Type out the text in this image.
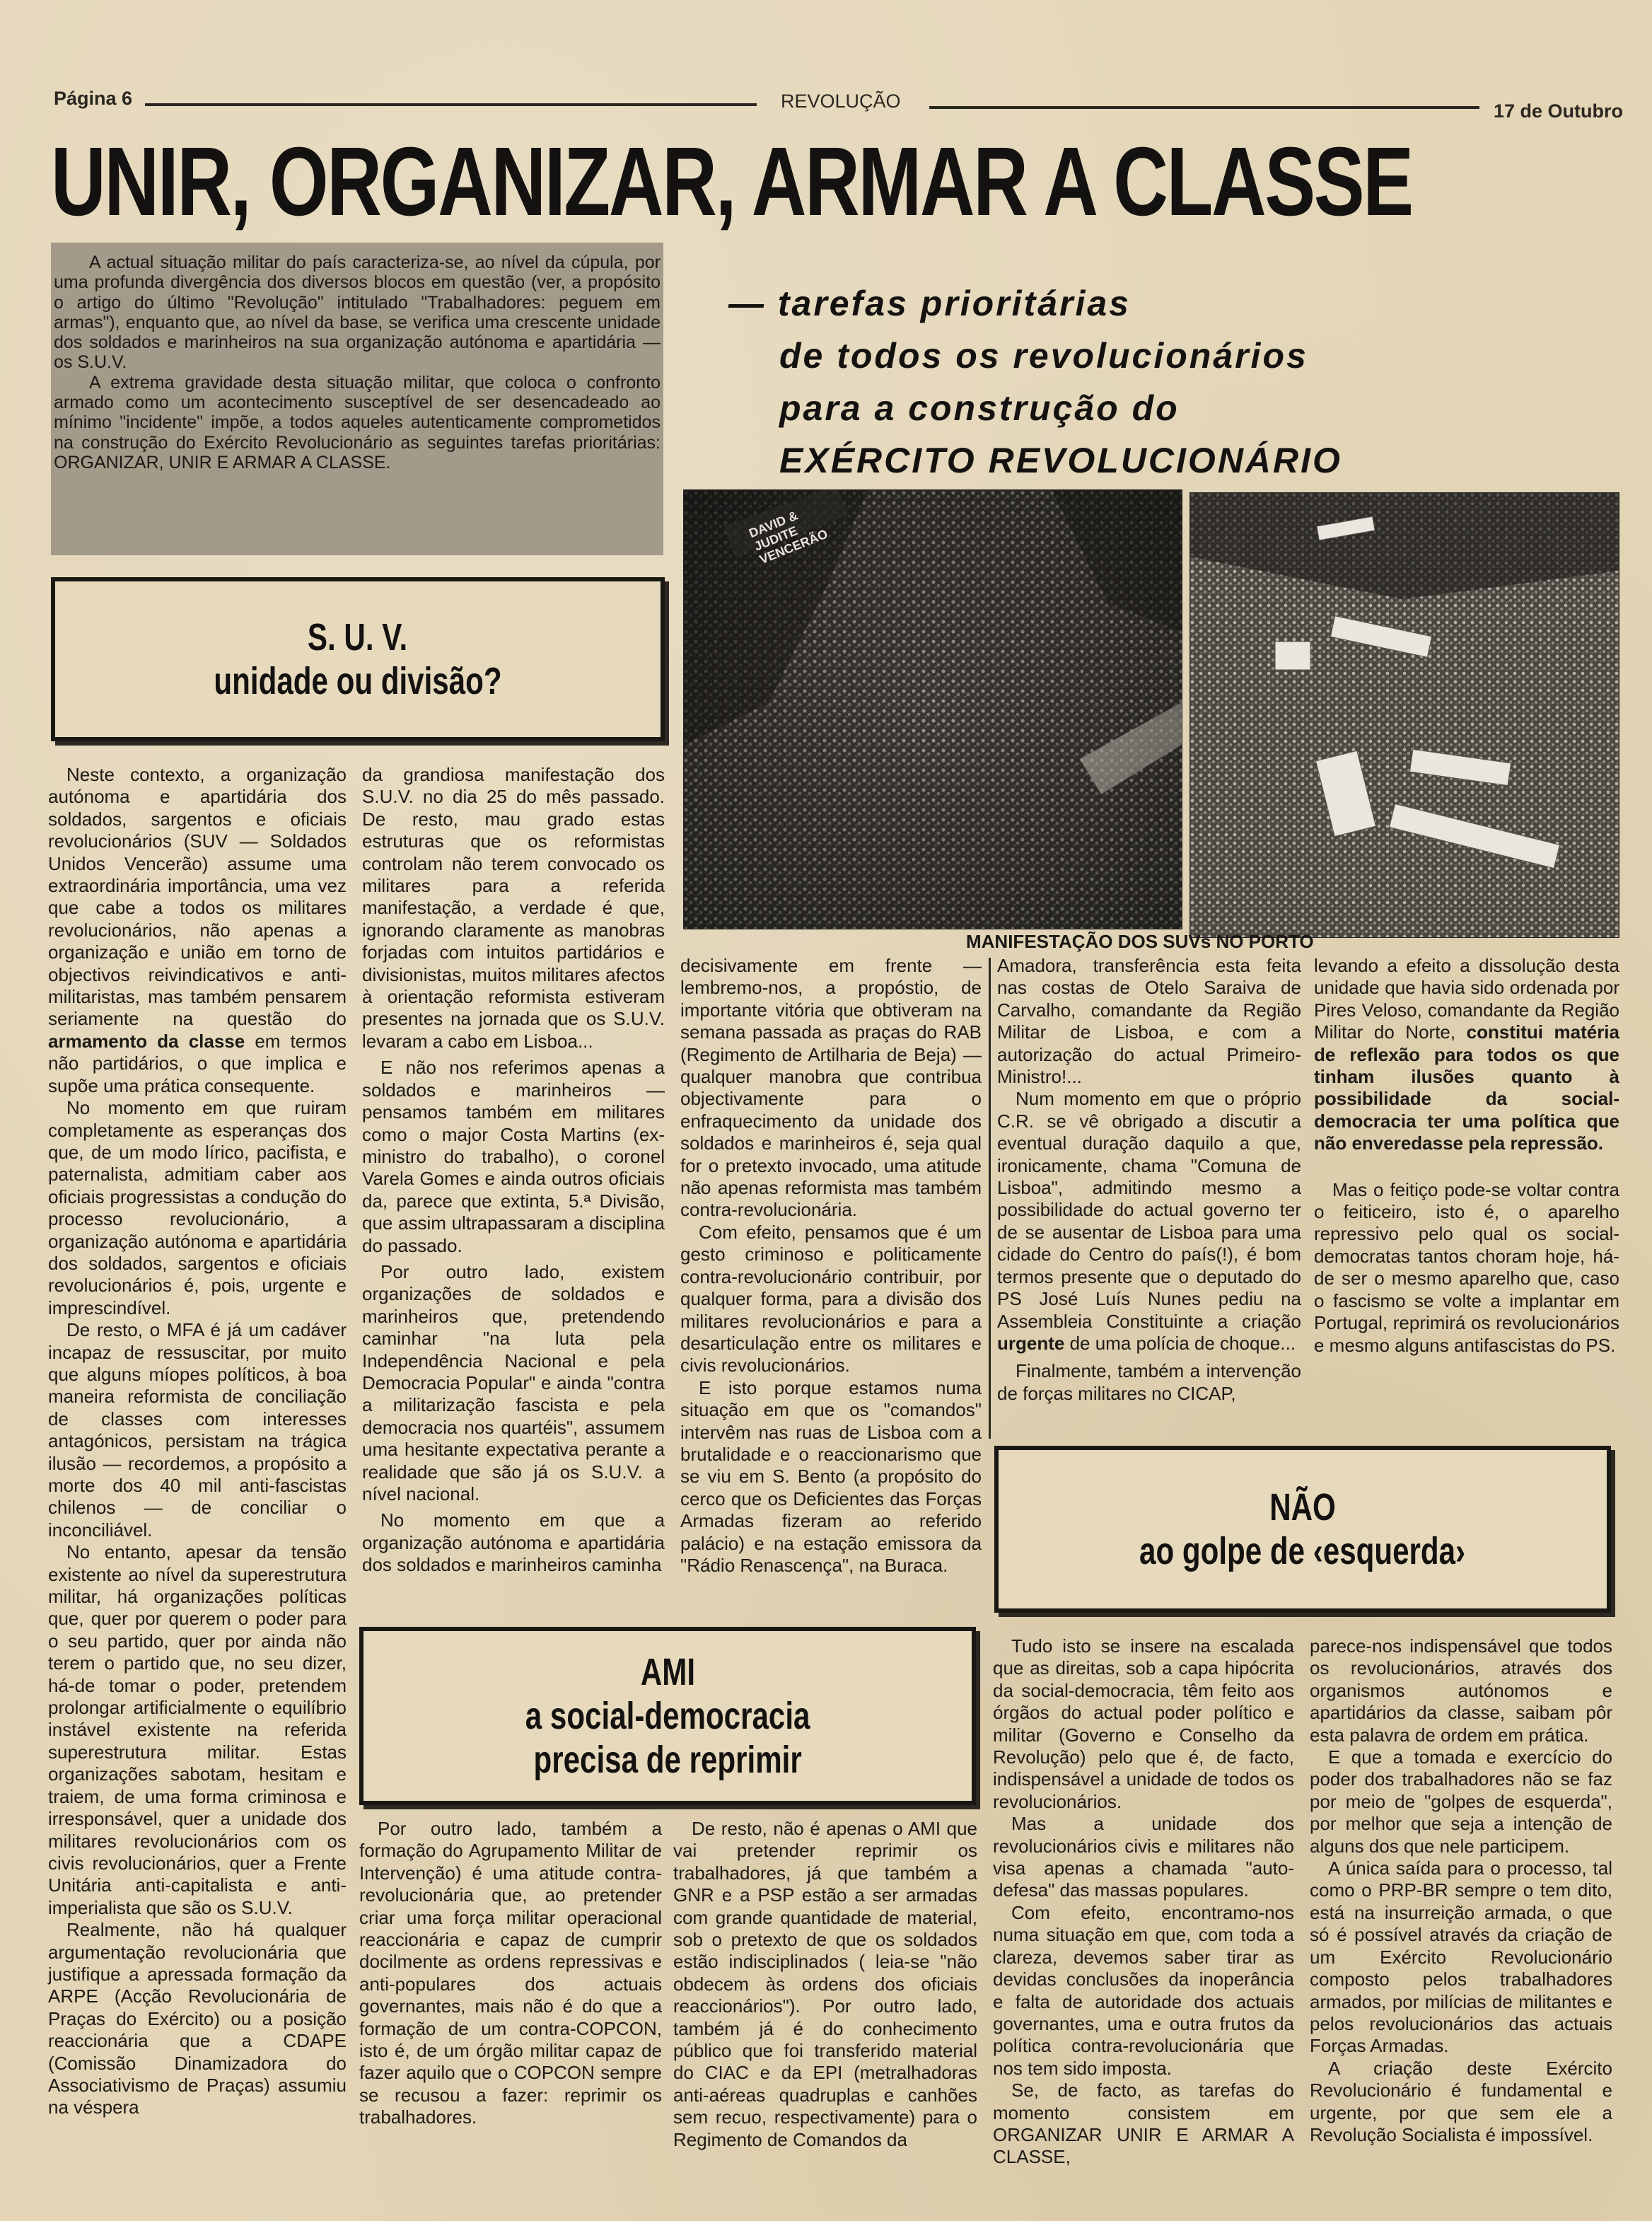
Página 6	REVOLUÇÃO	17 de Outubro
UNIR, ORGANIZAR, ARMAR A CLASSE

A actual situação militar do país caracteriza-se, ao nível da cúpula, por uma profunda divergência dos diversos blocos em questão (ver, a propósito o artigo do último "Revolução" intitulado "Trabalhadores: peguem em armas"), enquanto que, ao nível da base, se verifica uma crescente unidade dos soldados e marinheiros na sua organização autónoma e apartidária — os S.U.V.

A extrema gravidade desta situação militar, que coloca o confronto armado como um acontecimento susceptível de ser desencadeado ao mínimo "incidente" impõe, a todos aqueles autenticamente comprometidos na construção do Exército Revolucionário as seguintes tarefas prioritárias: ORGANIZAR, UNIR E ARMAR A CLASSE.

— tarefas prioritárias
de todos os revolucionários
para a construção do
EXÉRCITO REVOLUCIONÁRIO
DAVID & JUDITE VENCERÃO
MANIFESTAÇÃO DOS SUVs NO PORTO
S. U. V.
unidade ou divisão?

Neste contexto, a organização autónoma e apartidária dos soldados, sargentos e oficiais revolucionários (SUV — Soldados Unidos Vencerão) assume uma extraordinária importância, uma vez que cabe a todos os militares revolucionários, não apenas a organização e união em torno de objectivos reivindicativos e anti-militaristas, mas também pensarem seriamente na questão do armamento da classe em termos não partidários, o que implica e supõe uma prática consequente.

No momento em que ruiram completamente as esperanças dos que, de um modo lírico, pacifista, e paternalista, admitiam caber aos oficiais progressistas a condução do processo revolucionário, a organização autónoma e apartidária dos soldados, sargentos e oficiais revolucionários é, pois, urgente e imprescindível.

De resto, o MFA é já um cadáver incapaz de ressuscitar, por muito que alguns míopes políticos, à boa maneira reformista de conciliação de classes com interesses antagónicos, persistam na trágica ilusão — recordemos, a propósito a morte dos 40 mil anti-fascistas chilenos — de conciliar o inconciliável.

No entanto, apesar da tensão existente ao nível da superestrutura militar, há organizações políticas que, quer por querem o poder para o seu partido, quer por ainda não terem o partido que, no seu dizer, há-de tomar o poder, pretendem prolongar artificialmente o equilíbrio instável existente na referida superestrutura militar. Estas organizações sabotam, hesitam e traiem, de uma forma criminosa e irresponsável, quer a unidade dos militares revolucionários com os civis revolucionários, quer a Frente Unitária anti-capitalista e anti-imperialista que são os S.U.V.

Realmente, não há qualquer argumentação revolucionária que justifique a apressada formação da ARPE (Acção Revolucionária de Praças do Exército) ou a posição reaccionária que a CDAPE (Comissão Dinamizadora do Associativismo de Praças) assumiu na véspera

da grandiosa manifestação dos S.U.V. no dia 25 do mês passado. De resto, mau grado estas estruturas que os reformistas controlam não terem convocado os militares para a referida manifestação, a verdade é que, ignorando claramente as manobras forjadas com intuitos partidários e divisionistas, muitos militares afectos à orientação reformista estiveram presentes na jornada que os S.U.V. levaram a cabo em Lisboa...

E não nos referimos apenas a soldados e marinheiros — pensamos também em militares como o major Costa Martins (ex-ministro do trabalho), o coronel Varela Gomes e ainda outros oficiais da, parece que extinta, 5.ª Divisão, que assim ultrapassaram a disciplina do passado.

Por outro lado, existem organizações de soldados e marinheiros que, pretendendo caminhar "na luta pela Independência Nacional e pela Democracia Popular" e ainda "contra a militarização fascista e pela democracia nos quartéis", assumem uma hesitante expectativa perante a realidade que são já os S.U.V. a nível nacional.

No momento em que a organização autónoma e apartidária dos soldados e marinheiros caminha

decisivamente em frente — lembremo-nos, a propóstio, de importante vitória que obtiveram na semana passada as praças do RAB (Regimento de Artilharia de Beja) — qualquer manobra que contribua objectivamente para o enfraquecimento da unidade dos soldados e marinheiros é, seja qual for o pretexto invocado, uma atitude não apenas reformista mas também contra-revolucionária.

Com efeito, pensamos que é um gesto criminoso e politicamente contra-revolucionário contribuir, por qualquer forma, para a divisão dos militares revolucionários e para a desarticulação entre os militares e civis revolucionários.

E isto porque estamos numa situação em que os "comandos" intervêm nas ruas de Lisboa com a brutalidade e o reaccionarismo que se viu em S. Bento (a propósito do cerco que os Deficientes das Forças Armadas fizeram ao referido palácio) e na estação emissora da "Rádio Renascença", na Buraca.

Amadora, transferência esta feita nas costas de Otelo Saraiva de Carvalho, comandante da Região Militar de Lisboa, e com a autorização do actual Primeiro-Ministro!...

Num momento em que o próprio C.R. se vê obrigado a discutir a eventual duração daquilo a que, ironicamente, chama "Comuna de Lisboa", admitindo mesmo a possibilidade do actual governo ter de se ausentar de Lisboa para uma cidade do Centro do país(!), é bom termos presente que o deputado do PS José Luís Nunes pediu na Assembleia Constituinte a criação urgente de uma polícia de choque...

Finalmente, também a intervenção de forças militares no CICAP,

levando a efeito a dissolução desta unidade que havia sido ordenada por Pires Veloso, comandante da Região Militar do Norte, constitui matéria de reflexão para todos os que tinham ilusões quanto à possibilidade da social-democracia ter uma política que não enveredasse pela repressão.

Mas o feitiço pode-se voltar contra o feiticeiro, isto é, o aparelho repressivo pelo qual os social-democratas tantos choram hoje, há-de ser o mesmo aparelho que, caso o fascismo se volte a implantar em Portugal, reprimirá os revolucionários e mesmo alguns antifascistas do PS.

NÃO
ao golpe de ‹esquerda›
AMI
a social-democracia
precisa de reprimir

Por outro lado, também a formação do Agrupamento Militar de Intervenção) é uma atitude contra-revolucionária que, ao pretender criar uma força militar operacional reaccionária e capaz de cumprir docilmente as ordens repressivas e anti-populares dos actuais governantes, mais não é do que a formação de um contra-COPCON, isto é, de um órgão militar capaz de fazer aquilo que o COPCON sempre se recusou a fazer: reprimir os trabalhadores.

De resto, não é apenas o AMI que vai pretender reprimir os trabalhadores, já que também a GNR e a PSP estão a ser armadas com grande quantidade de material, sob o pretexto de que os soldados estão indisciplinados ( leia-se "não obdecem às ordens dos oficiais reaccionários"). Por outro lado, também já é do conhecimento público que foi transferido material do CIAC e da EPI (metralhadoras anti-aéreas quadruplas e canhões sem recuo, respectivamente) para o Regimento de Comandos da

Tudo isto se insere na escalada que as direitas, sob a capa hipócrita da social-democracia, têm feito aos órgãos do actual poder político e militar (Governo e Conselho da Revolução) pelo que é, de facto, indispensável a unidade de todos os revolucionários.

Mas a unidade dos revolucionários civis e militares não visa apenas a chamada "auto-defesa" das massas populares.

Com efeito, encontramo-nos numa situação em que, com toda a clareza, devemos saber tirar as devidas conclusões da inoperância e falta de autoridade dos actuais governantes, uma e outra frutos da política contra-revolucionária que nos tem sido imposta.

Se, de facto, as tarefas do momento consistem em ORGANIZAR UNIR E ARMAR A CLASSE,

parece-nos indispensável que todos os revolucionários, através dos organismos autónomos e apartidários da classe, saibam pôr esta palavra de ordem em prática.

E que a tomada e exercício do poder dos trabalhadores não se faz por meio de "golpes de esquerda", por melhor que seja a intenção de alguns dos que nele participem.

A única saída para o processo, tal como o PRP-BR sempre o tem dito, está na insurreição armada, o que só é possível através da criação de um Exército Revolucionário composto pelos trabalhadores armados, por milícias de militantes e pelos revolucionários das actuais Forças Armadas.

A criação deste Exército Revolucionário é fundamental e urgente, por que sem ele a Revolução Socialista é impossível.
